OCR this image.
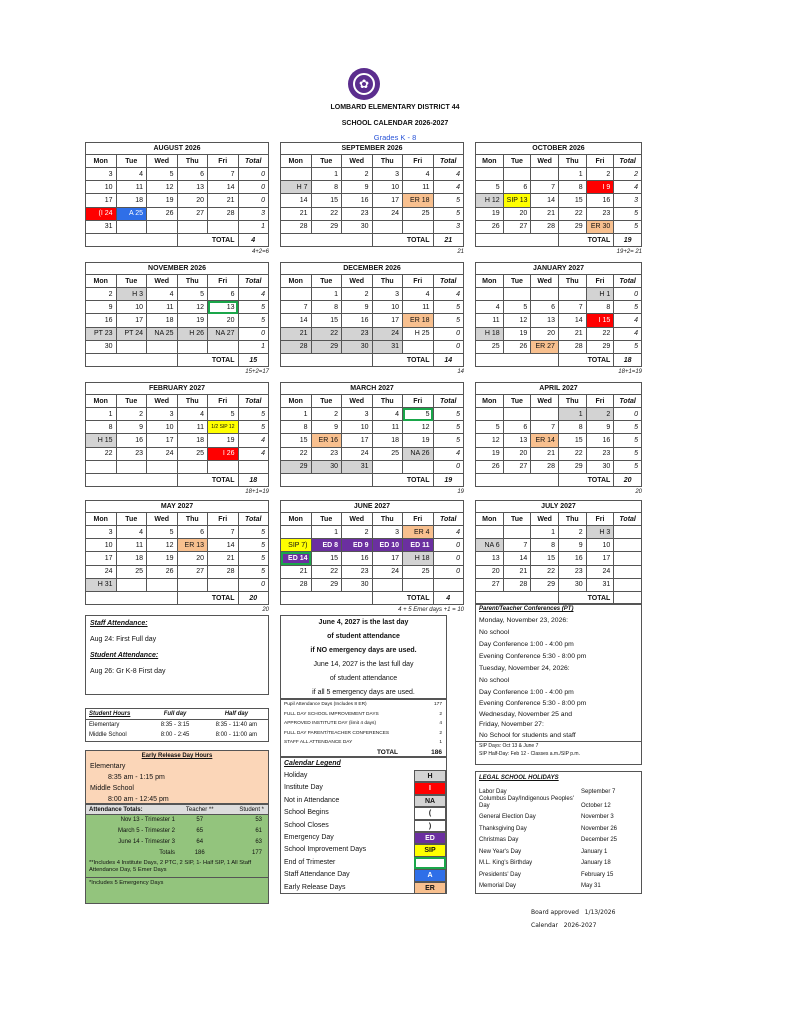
✿
LOMBARD ELEMENTARY DISTRICT 44
SCHOOL CALENDAR 2026-2027
Grades K - 8
AUGUST 2026					
Mon	Tue	Wed	Thu	Fri	Total
3	4	5	6	7	0
10	11	12	13	14	0
17	18	19	20	21	0
(I 24	A 25	26	27	28	3
31					1
			TOTAL		4
4+2=6
SEPTEMBER 2026					
Mon	Tue	Wed	Thu	Fri	Total
	1	2	3	4	4
H 7	8	9	10	11	4
14	15	16	17	ER 18	5
21	22	23	24	25	5
28	29	30			3
			TOTAL		21
21
OCTOBER 2026					
Mon	Tue	Wed	Thu	Fri	Total
			1	2	2
5	6	7	8	I 9	4
H 12	SIP 13	14	15	16	3
19	20	21	22	23	5
26	27	28	29	ER 30	5
			TOTAL		19
19+2= 21
NOVEMBER 2026					
Mon	Tue	Wed	Thu	Fri	Total
2	H 3	4	5	6	4
9	10	11	12	13	5
16	17	18	19	20	5
PT 23	PT 24	NA 25	H 26	NA 27	0
30					1
			TOTAL		15
15+2=17
DECEMBER 2026					
Mon	Tue	Wed	Thu	Fri	Total
	1	2	3	4	4
7	8	9	10	11	5
14	15	16	17	ER 18	5
21	22	23	24	H 25	0
28	29	30	31		0
			TOTAL		14
14
JANUARY 2027					
Mon	Tue	Wed	Thu	Fri	Total
				H 1	0
4	5	6	7	8	5
11	12	13	14	I 15	4
H 18	19	20	21	22	4
25	26	ER 27	28	29	5
			TOTAL		18
18+1=19
FEBRUARY 2027					
Mon	Tue	Wed	Thu	Fri	Total
1	2	3	4	5	5
8	9	10	11	1/2 SIP 12	5
H 15	16	17	18	19	4
22	23	24	25	I 26	4

			TOTAL		18
18+1=19
MARCH 2027					
Mon	Tue	Wed	Thu	Fri	Total
1	2	3	4	5	5
8	9	10	11	12	5
15	ER 16	17	18	19	5
22	23	24	25	NA 26	4
29	30	31			0
			TOTAL		19
19
APRIL 2027					
Mon	Tue	Wed	Thu	Fri	Total
			1	2	0
5	6	7	8	9	5
12	13	ER 14	15	16	5
19	20	21	22	23	5
26	27	28	29	30	5
			TOTAL		20
20
MAY 2027					
Mon	Tue	Wed	Thu	Fri	Total
3	4	5	6	7	5
10	11	12	ER 13	14	5
17	18	19	20	21	5
24	25	26	27	28	5
H 31					0
			TOTAL		20
20
JUNE 2027					
Mon	Tue	Wed	Thu	Fri	Total
	1	2	3	ER 4	4
SIP 7)	ED 8	ED 9	ED 10	ED 11	0
ED 14	15	16	17	H 18	0
21	22	23	24	25	0
28	29	30			
			TOTAL		4
4 + 5 Emer days +1 = 10
JULY 2027					
Mon	Tue	Wed	Thu	Fri	Total
		1	2	H 3	
NA 6	7	8	9	10	
13	14	15	16	17	
20	21	22	23	24	
27	28	29	30	31	
			TOTAL		
Staff Attendance:
Aug 24: First Full day
Student Attendance:
Aug 26: Gr K-8 First day
Student Hours	Full day	Half day
Elementary	8:35 - 3:15	8:35 - 11:40 am
Middle School	8:00 - 2:45	8:00 - 11:00 am
Early Release Day Hours
Elementary
8:35 am - 1:15 pm
Middle School
8:00 am - 12:45 pm
Attendance Totals:	Teacher **	Student *
Nov 13 - Trimester 1	57	53
March 5 - Trimester 2	65	61
June 14 - Trimester 3	64	63
Totals	186	177
**Includes 4 Institute Days, 2 PTC, 2 SIP, 1- Half SIP, 1 All Staff Attendance Day, 5 Emer Days
*Includes 5 Emergency Days
June 4, 2027 is the last day
of student attendance
if NO emergency days are used.
June 14, 2027 is the last full day
of student attendance
if all 5 emergency days are used.
Pupil Attendance Days (Includes 8 ER)	177
FULL DAY SCHOOL IMPROVEMENT DAYS	2
APPROVED INSTITUTE DAY (limit 4 days)	4
FULL DAY PARENT/TEACHER CONFERENCES	2
STAFF ALL ATTENDANCE DAY	1
TOTAL	186
Calendar Legend
Holiday	H
Institute Day	I
Not in Attendance	NA
School Begins	(
School Closes	)
Emergency Day	ED
School Improvement Days	SIP
End of Trimester
Staff Attendance Day	A
Early Release Days	ER
Parent/Teacher Conferences (PT)
Monday, November 23, 2026:
No school
Day Conference 1:00 - 4:00 pm
Evening Conference 5:30 - 8:00 pm
Tuesday, November 24, 2026:
No school
Day Conference 1:00 - 4:00 pm
Evening Conference 5:30 - 8:00 pm
Wednesday, November 25 and
Friday, November 27:
No School for students and staff
SIP Days: Oct 13 & June 7
SIP Half-Day: Feb 12 - Classes a.m./SIP p.m.
LEGAL SCHOOL HOLIDAYS
Labor Day	September 7
Columbus Day/Indigenous Peoples' Day	October 12
General Election Day	November 3
Thanksgiving Day	November 26
Christmas Day	December 25
New Year's Day	January 1
M.L. King's Birthday	January 18
Presidents' Day	February 15
Memorial Day	May 31
Board approved 1/13/2026
Calendar 2026-2027
